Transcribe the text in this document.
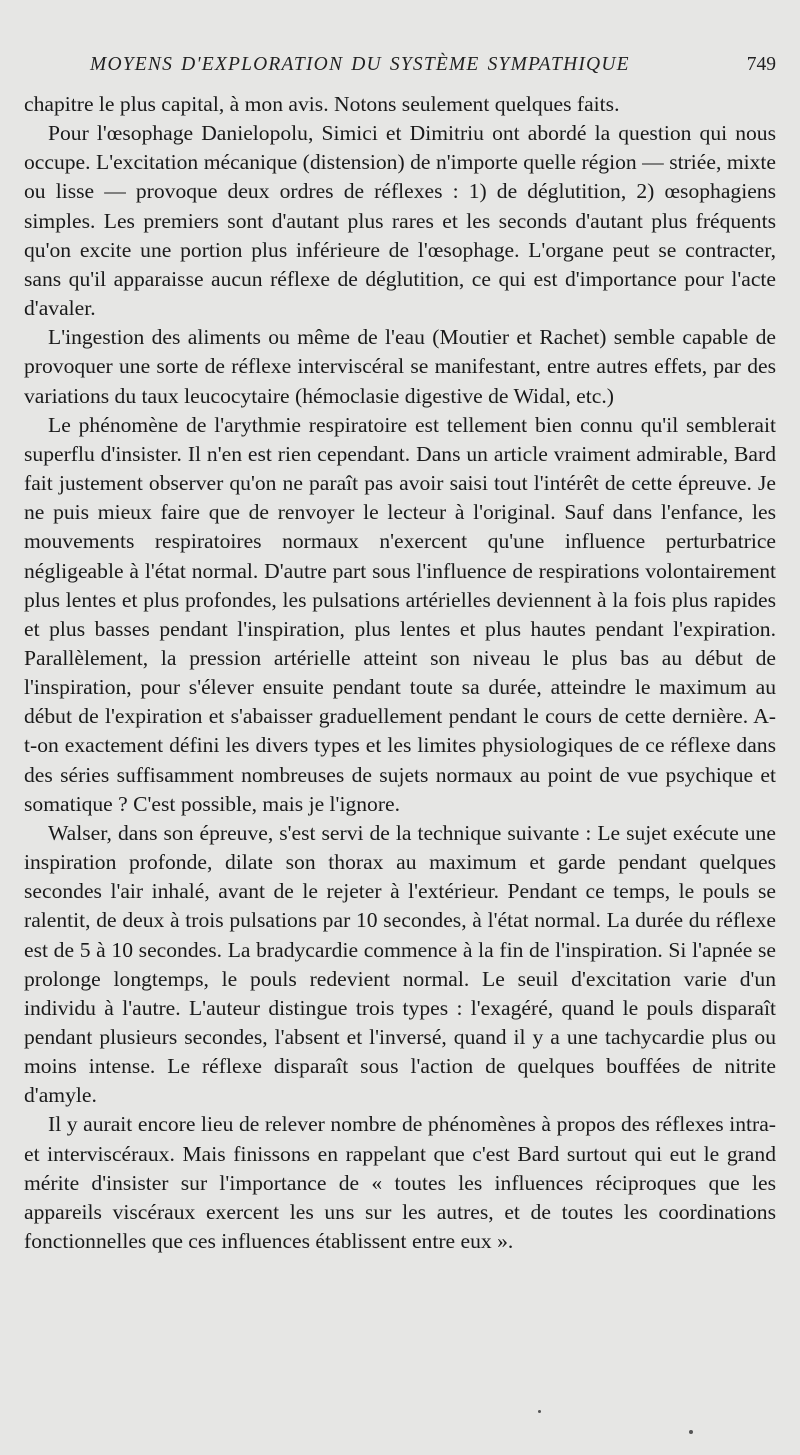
MOYENS D'EXPLORATION DU SYSTÈME SYMPATHIQUE	749

chapitre le plus capital, à mon avis. Notons seulement quelques faits.

Pour l'œsophage Danielopolu, Simici et Dimitriu ont abordé la question qui nous occupe. L'excitation mécanique (distension) de n'importe quelle région — striée, mixte ou lisse — provoque deux ordres de réflexes : 1) de déglutition, 2) œsophagiens simples. Les premiers sont d'autant plus rares et les seconds d'autant plus fréquents qu'on excite une portion plus inférieure de l'œsophage. L'organe peut se contracter, sans qu'il apparaisse aucun réflexe de déglutition, ce qui est d'importance pour l'acte d'avaler.

L'ingestion des aliments ou même de l'eau (Moutier et Rachet) semble capable de provoquer une sorte de réflexe interviscéral se manifestant, entre autres effets, par des variations du taux leucocytaire (hémoclasie digestive de Widal, etc.)

Le phénomène de l'arythmie respiratoire est tellement bien connu qu'il semblerait superflu d'insister. Il n'en est rien cependant. Dans un article vraiment admirable, Bard fait justement observer qu'on ne paraît pas avoir saisi tout l'intérêt de cette épreuve. Je ne puis mieux faire que de renvoyer le lecteur à l'original. Sauf dans l'enfance, les mouvements respiratoires normaux n'exercent qu'une influence perturbatrice négligeable à l'état normal. D'autre part sous l'influence de respirations volontairement plus lentes et plus profondes, les pulsations artérielles deviennent à la fois plus rapides et plus basses pendant l'inspiration, plus lentes et plus hautes pendant l'expiration. Parallèlement, la pression artérielle atteint son niveau le plus bas au début de l'inspiration, pour s'élever ensuite pendant toute sa durée, atteindre le maximum au début de l'expiration et s'abaisser graduellement pendant le cours de cette dernière. A-t-on exactement défini les divers types et les limites physiologiques de ce réflexe dans des séries suffisamment nombreuses de sujets normaux au point de vue psychique et somatique ? C'est possible, mais je l'ignore.

Walser, dans son épreuve, s'est servi de la technique suivante : Le sujet exécute une inspiration profonde, dilate son thorax au maximum et garde pendant quelques secondes l'air inhalé, avant de le rejeter à l'extérieur. Pendant ce temps, le pouls se ralentit, de deux à trois pulsations par 10 secondes, à l'état normal. La durée du réflexe est de 5 à 10 secondes. La bradycardie commence à la fin de l'inspiration. Si l'apnée se prolonge longtemps, le pouls redevient normal. Le seuil d'excitation varie d'un individu à l'autre. L'auteur distingue trois types : l'exagéré, quand le pouls disparaît pendant plusieurs secondes, l'absent et l'inversé, quand il y a une tachycardie plus ou moins intense. Le réflexe disparaît sous l'action de quelques bouffées de nitrite d'amyle.

Il y aurait encore lieu de relever nombre de phénomènes à propos des réflexes intra-et interviscéraux. Mais finissons en rappelant que c'est Bard surtout qui eut le grand mérite d'insister sur l'importance de « toutes les influences réciproques que les appareils viscéraux exercent les uns sur les autres, et de toutes les coordinations fonctionnelles que ces influences établissent entre eux ».
